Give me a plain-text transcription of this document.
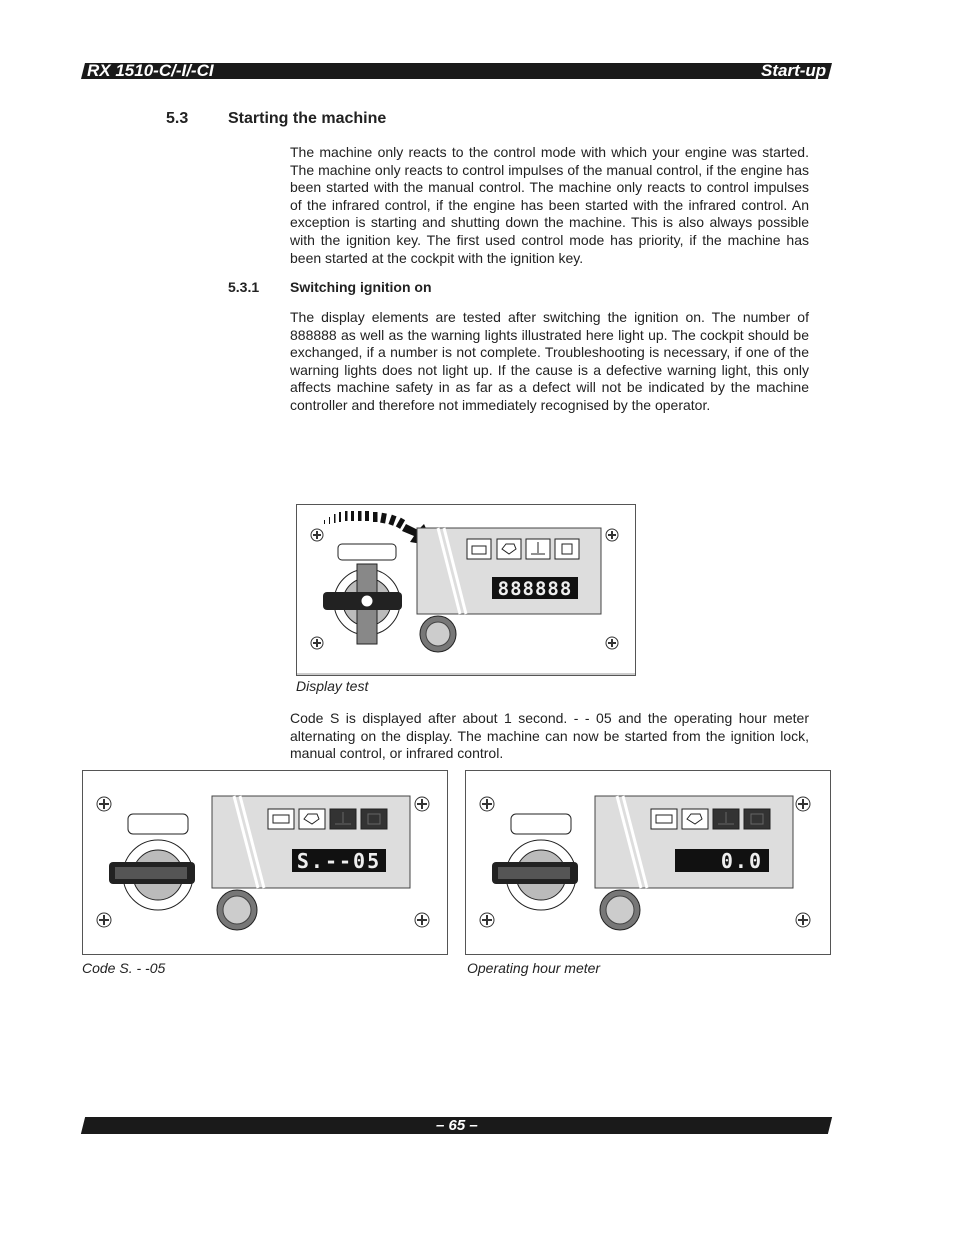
RX 1510-C/-I/-CI	Start-up
5.3 Starting the machine

The machine only reacts to the control mode with which your engine was started. The machine only reacts to control impulses of the manual control, if the engine has been started with the manual control. The machine only reacts to control impulses of the infrared control, if the engine has been started with the infrared control. An exception is starting and shutting down the machine. This is also always possible with the ignition key. The first used control mode has priority, if the machine has been started at the cockpit with the ignition key.

5.3.1 Switching ignition on

The display elements are tested after switching the ignition on. The number of 888888 as well as the warning lights illustrated here light up. The cockpit should be exchanged, if a number is not complete. Troubleshooting is necessary, if one of the warning lights does not light up. If the cause is a defective warning light, this only affects machine safety in as far as a defect will not be indicated by the machine controller and therefore not immediately recognised by the operator.

888888
Display test

Code S is displayed after about 1 second. - - 05 and the operating hour meter alternating on the display. The machine can now be started from the ignition lock, manual control, or infrared control.

S.--05
Code S. - -05
0.0
Operating hour meter
– 65 –
